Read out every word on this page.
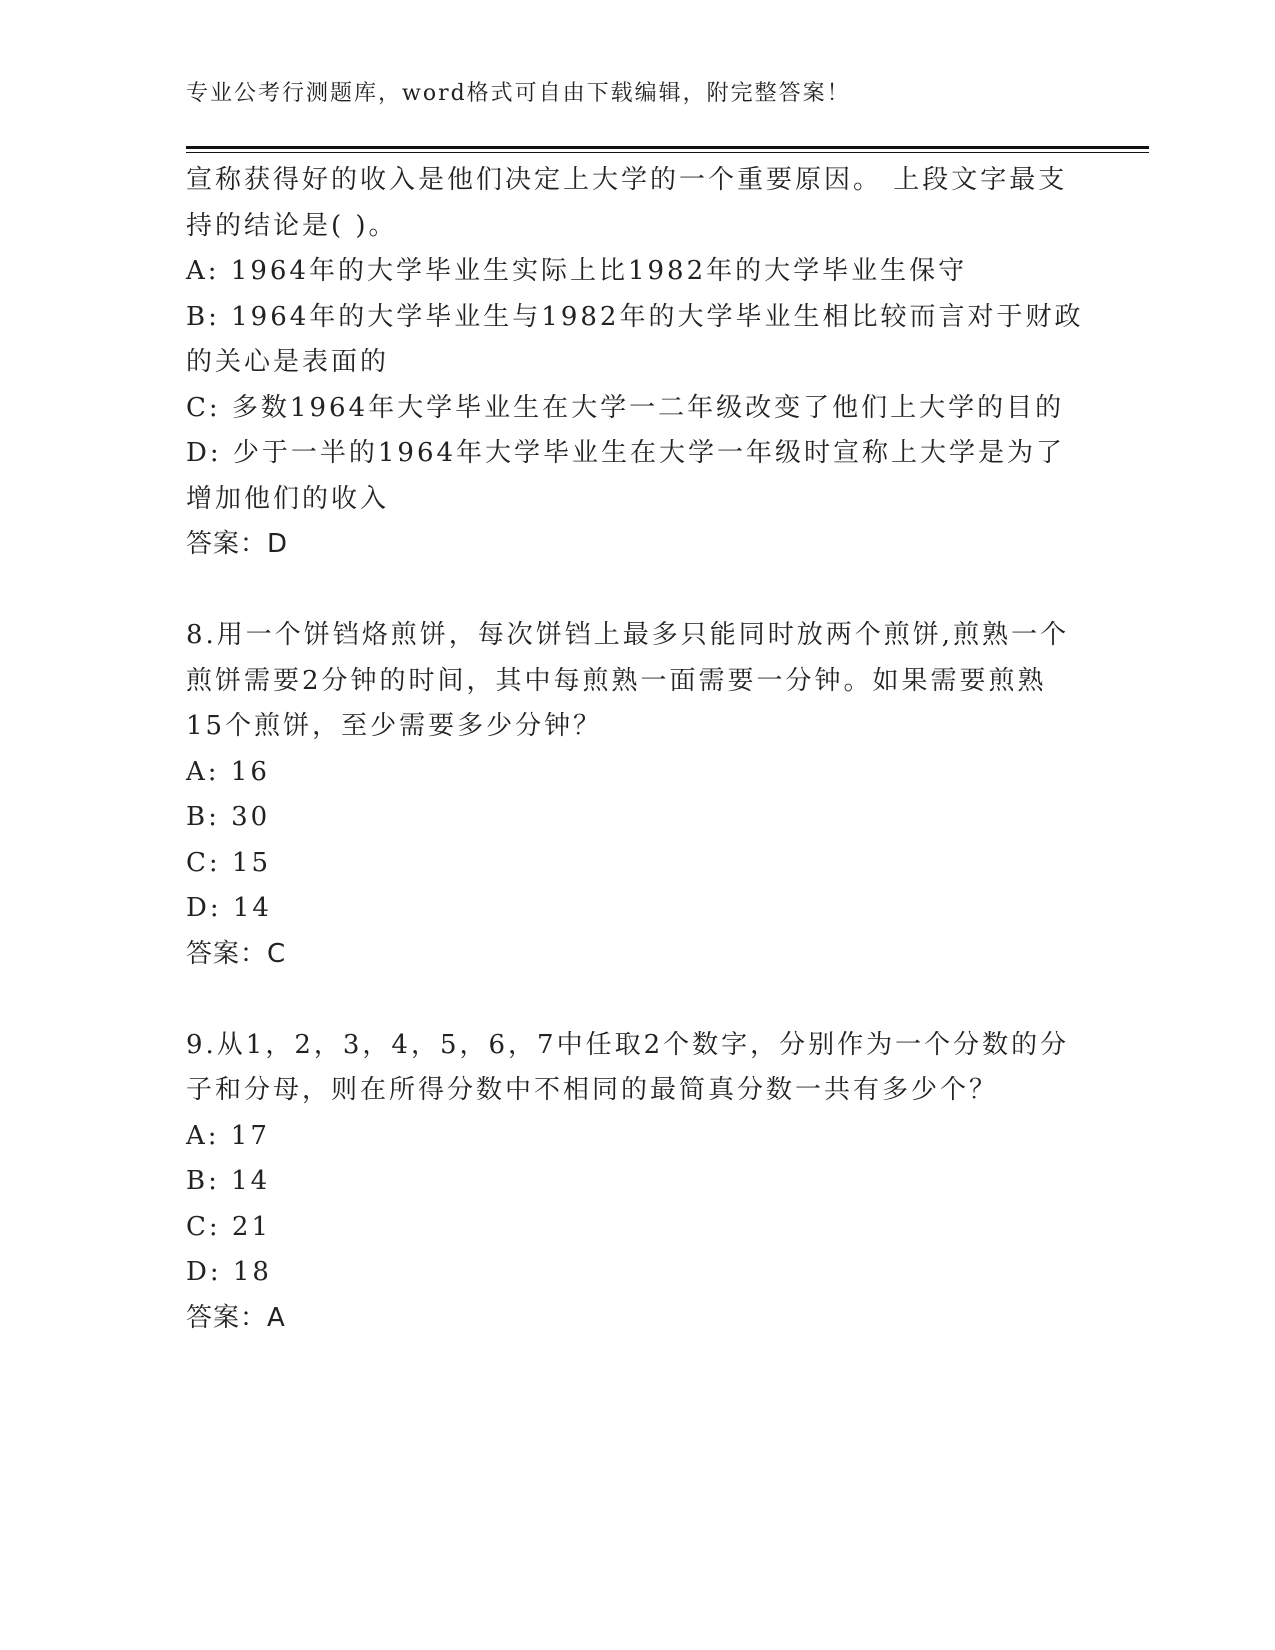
专业公考行测题库，word格式可自由下载编辑，附完整答案！
宣称获得好的收入是他们决定上大学的一个重要原因。 上段文字最支
持的结论是( )。
A: 1964年的大学毕业生实际上比1982年的大学毕业生保守
B: 1964年的大学毕业生与1982年的大学毕业生相比较而言对于财政
的关心是表面的
C: 多数1964年大学毕业生在大学一二年级改变了他们上大学的目的
D: 少于一半的1964年大学毕业生在大学一年级时宣称上大学是为了
增加他们的收入
答案：D
8.用一个饼铛烙煎饼，每次饼铛上最多只能同时放两个煎饼,煎熟一个
煎饼需要2分钟的时间，其中每煎熟一面需要一分钟。如果需要煎熟
15个煎饼，至少需要多少分钟？
A: 16
B: 30
C: 15
D: 14
答案：C
9.从1，2，3，4，5，6，7中任取2个数字，分别作为一个分数的分
子和分母，则在所得分数中不相同的最简真分数一共有多少个？
A: 17
B: 14
C: 21
D: 18
答案：A
